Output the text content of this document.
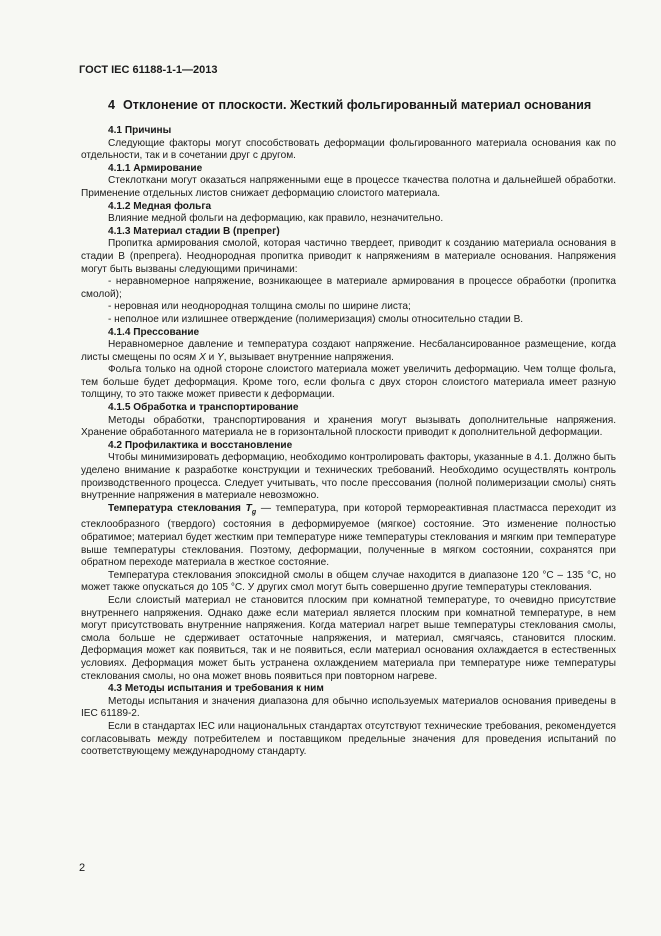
ГОСТ IEC 61188-1-1—2013
4 Отклонение от плоскости. Жесткий фольгированный материал основания
4.1 Причины

Следующие факторы могут способствовать деформации фольгированного материала основания как по отдельности, так и в сочетании друг с другом.

4.1.1 Армирование

Стеклоткани могут оказаться напряженными еще в процессе ткачества полотна и дальнейшей обработки. Применение отдельных листов снижает деформацию слоистого материала.

4.1.2 Медная фольга

Влияние медной фольги на деформацию, как правило, незначительно.

4.1.3 Материал стадии В (препрег)

Пропитка армирования смолой, которая частично твердеет, приводит к созданию материала основания в стадии В (препрега). Неоднородная пропитка приводит к напряжениям в материале основания. Напряжения могут быть вызваны следующими причинами:

- неравномерное напряжение, возникающее в материале армирования в процессе обработки (пропитка смолой);

- неровная или неоднородная толщина смолы по ширине листа;

- неполное или излишнее отверждение (полимеризация) смолы относительно стадии В.

4.1.4 Прессование

Неравномерное давление и температура создают напряжение. Несбалансированное размещение, когда листы смещены по осям X и Y, вызывает внутренние напряжения.

Фольга только на одной стороне слоистого материала может увеличить деформацию. Чем толще фольга, тем больше будет деформация. Кроме того, если фольга с двух сторон слоистого материала имеет разную толщину, то это также может привести к деформации.

4.1.5 Обработка и транспортирование

Методы обработки, транспортирования и хранения могут вызывать дополнительные напряжения. Хранение обработанного материала не в горизонтальной плоскости приводит к дополнительной деформации.

4.2 Профилактика и восстановление

Чтобы минимизировать деформацию, необходимо контролировать факторы, указанные в 4.1. Должно быть уделено внимание к разработке конструкции и технических требований. Необходимо осуществлять контроль производственного процесса. Следует учитывать, что после прессования (полной полимеризации смолы) снять внутренние напряжения в материале невозможно.

Температура стеклования $T_g$ — температура, при которой термореактивная пластмасса переходит из стеклообразного (твердого) состояния в деформируемое (мягкое) состояние. Это изменение полностью обратимое; материал будет жестким при температуре ниже температуры стеклования и мягким при температуре выше температуры стеклования. Поэтому, деформации, полученные в мягком состоянии, сохранятся при обратном переходе материала в жесткое состояние.

Температура стеклования эпоксидной смолы в общем случае находится в диапазоне 120 °С – 135 °С, но может также опускаться до 105 °С. У других смол могут быть совершенно другие температуры стеклования.

Если слоистый материал не становится плоским при комнатной температуре, то очевидно присутствие внутреннего напряжения. Однако даже если материал является плоским при комнатной температуре, в нем могут присутствовать внутренние напряжения. Когда материал нагрет выше температуры стеклования смолы, смола больше не сдерживает остаточные напряжения, и материал, смягчаясь, становится плоским. Деформация может как появиться, так и не появиться, если материал основания охлаждается в естественных условиях. Деформация может быть устранена охлаждением материала при температуре ниже температуры стеклования смолы, но она может вновь появиться при повторном нагреве.

4.3 Методы испытания и требования к ним

Методы испытания и значения диапазона для обычно используемых материалов основания приведены в IEC 61189-2.

Если в стандартах IEC или национальных стандартах отсутствуют технические требования, рекомендуется согласовывать между потребителем и поставщиком предельные значения для проведения испытаний по соответствующему международному стандарту.

2
